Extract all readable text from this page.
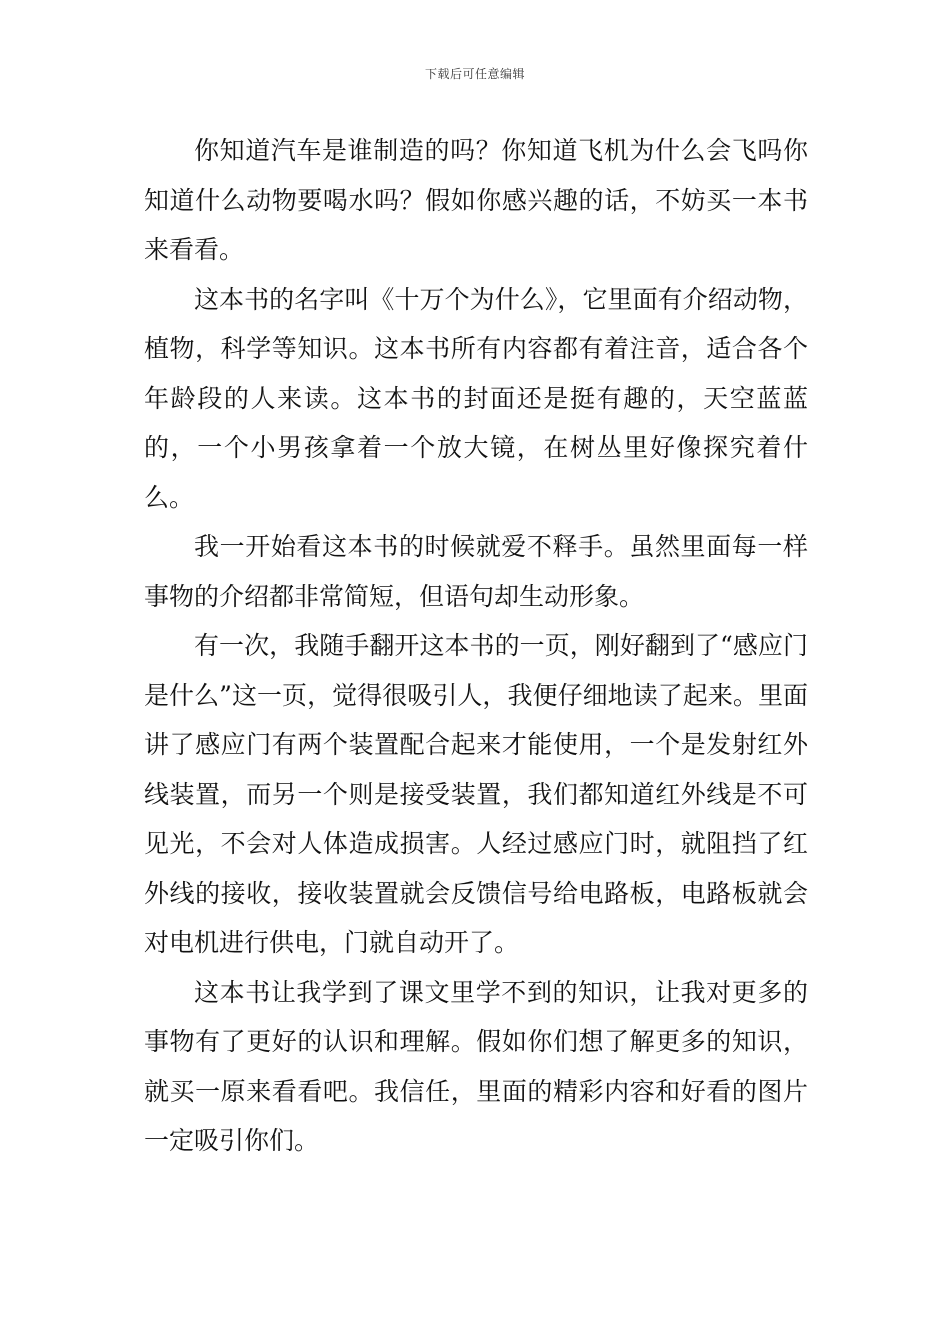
下载后可任意编辑

你知道汽车是谁制造的吗？你知道飞机为什么会飞吗你知道什么动物要喝水吗？假如你感兴趣的话，不妨买一本书来看看。

这本书的名字叫《十万个为什么》，它里面有介绍动物，植物，科学等知识。这本书所有内容都有着注音，适合各个年龄段的人来读。这本书的封面还是挺有趣的，天空蓝蓝的，一个小男孩拿着一个放大镜，在树丛里好像探究着什么。

我一开始看这本书的时候就爱不释手。虽然里面每一样事物的介绍都非常简短，但语句却生动形象。

有一次，我随手翻开这本书的一页，刚好翻到了“感应门是什么”这一页，觉得很吸引人，我便仔细地读了起来。里面讲了感应门有两个装置配合起来才能使用，一个是发射红外线装置，而另一个则是接受装置，我们都知道红外线是不可见光，不会对人体造成损害。人经过感应门时，就阻挡了红外线的接收，接收装置就会反馈信号给电路板，电路板就会对电机进行供电，门就自动开了。

这本书让我学到了课文里学不到的知识，让我对更多的事物有了更好的认识和理解。假如你们想了解更多的知识，就买一原来看看吧。我信任，里面的精彩内容和好看的图片一定吸引你们。
